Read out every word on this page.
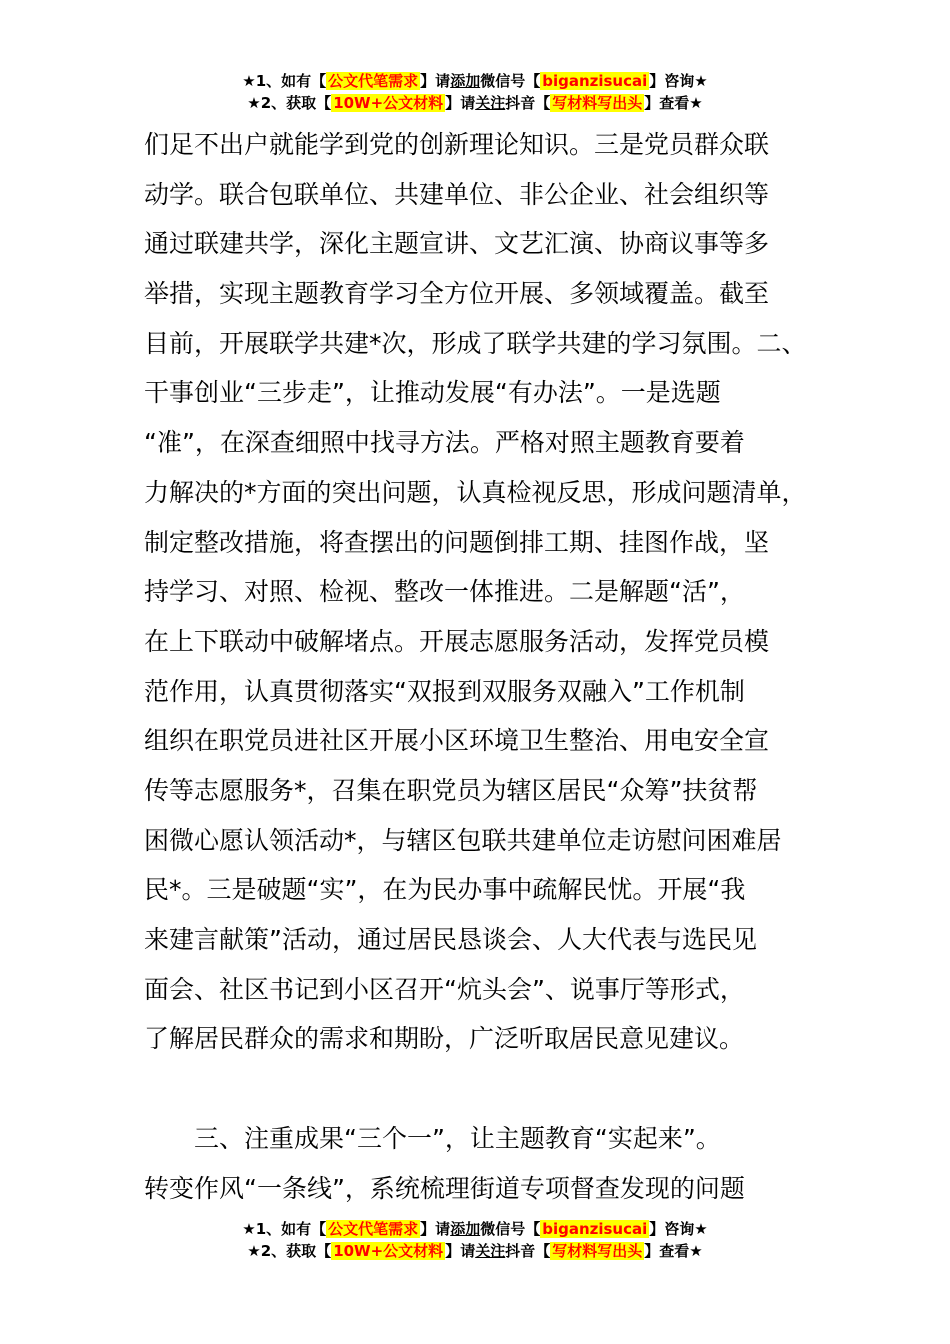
★1、如有【 公文代笔需求 】请添加微信号【 biganzisucai 】咨询★
★2、获取【 10W+公文材料 】请关注抖音【 写材料写出头 】查看★
们足不出户就能学到党的创新理论知识。三是党员群众联
动学。联合包联单位、共建单位、非公企业、社会组织等
通过联建共学，深化主题宣讲、文艺汇演、协商议事等多
举措，实现主题教育学习全方位开展、多领域覆盖。截至
目前，开展联学共建*次，形成了联学共建的学习氛围。二、
干事创业“三步走”，让推动发展“有办法”。一是选题
“准”，在深查细照中找寻方法。严格对照主题教育要着
力解决的*方面的突出问题，认真检视反思，形成问题清单，
制定整改措施，将查摆出的问题倒排工期、挂图作战，坚
持学习、对照、检视、整改一体推进。二是解题“活”，
在上下联动中破解堵点。开展志愿服务活动，发挥党员模
范作用，认真贯彻落实“双报到双服务双融入”工作机制
组织在职党员进社区开展小区环境卫生整治、用电安全宣
传等志愿服务*，召集在职党员为辖区居民“众筹”扶贫帮
困微心愿认领活动*，与辖区包联共建单位走访慰问困难居
民*。三是破题“实”，在为民办事中疏解民忧。开展“我
来建言献策”活动，通过居民恳谈会、人大代表与选民见
面会、社区书记到小区召开“炕头会”、说事厅等形式，
了解居民群众的需求和期盼，广泛听取居民意见建议。
三、注重成果“三个一”，让主题教育“实起来”。
转变作风“一条线”，系统梳理街道专项督查发现的问题
★1、如有【 公文代笔需求 】请添加微信号【 biganzisucai 】咨询★
★2、获取【 10W+公文材料 】请关注抖音【 写材料写出头 】查看★
